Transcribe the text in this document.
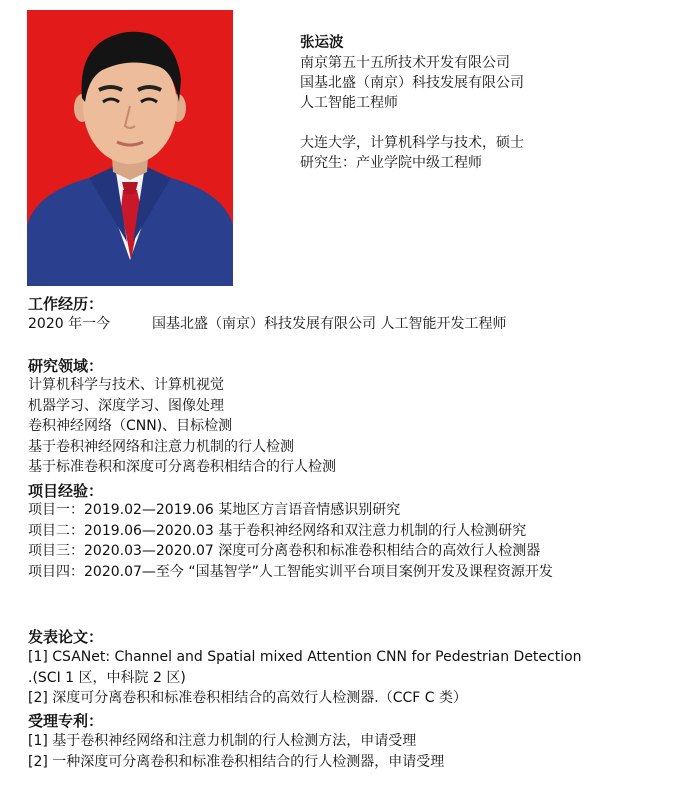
张运波
南京第五十五所技术开发有限公司
国基北盛（南京）科技发展有限公司
人工智能工程师
大连大学，计算机科学与技术，硕士
研究生：产业学院中级工程师
工作经历：
2020 年一今	国基北盛（南京）科技发展有限公司 人工智能开发工程师
研究领域：
计算机科学与技术、计算机视觉
机器学习、深度学习、图像处理
卷积神经网络（CNN)、目标检测
基于卷积神经网络和注意力机制的行人检测
基于标准卷积和深度可分离卷积相结合的行人检测
项目经验：
项目一：2019.02—2019.06 某地区方言语音情感识别研究
项目二：2019.06—2020.03 基于卷积神经网络和双注意力机制的行人检测研究
项目三：2020.03—2020.07 深度可分离卷积和标准卷积相结合的高效行人检测器
项目四：2020.07—至今 “国基智学”人工智能实训平台项目案例开发及课程资源开发
发表论文：
[1] CSANet: Channel and Spatial mixed Attention CNN for Pedestrian Detection .(SCI 1 区，中科院 2 区)
[2] 深度可分离卷积和标准卷积相结合的高效行人检测器.（CCF C 类）
受理专利：
[1] 基于卷积神经网络和注意力机制的行人检测方法，申请受理
[2] 一种深度可分离卷积和标准卷积相结合的行人检测器，申请受理
